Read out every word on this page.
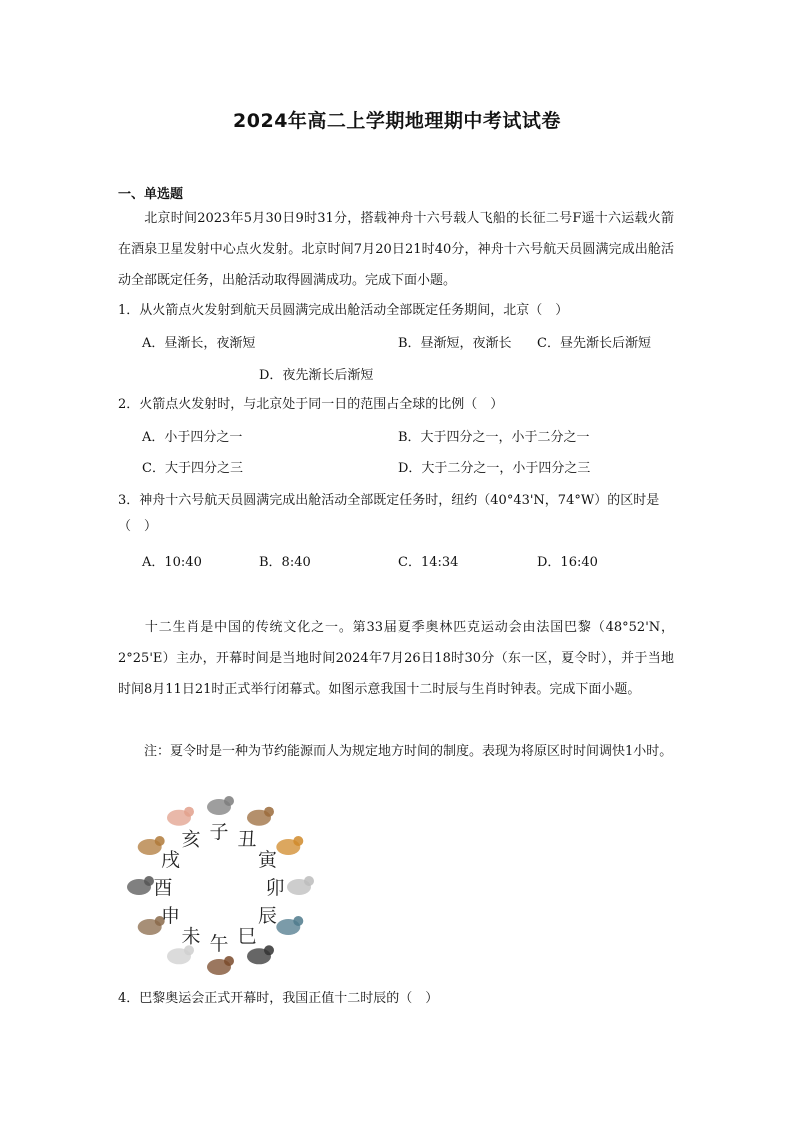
2024年高二上学期地理期中考试试卷
一、单选题
北京时间2023年5月30日9时31分，搭载神舟十六号载人飞船的长征二号F遥十六运载火箭在酒泉卫星发射中心点火发射。北京时间7月20日21时40分，神舟十六号航天员圆满完成出舱活动全部既定任务，出舱活动取得圆满成功。完成下面小题。
1．从火箭点火发射到航天员圆满完成出舱活动全部既定任务期间，北京（　）
A．昼渐长，夜渐短	B．昼渐短，夜渐长 C．昼先渐长后渐短
D．夜先渐长后渐短
2．火箭点火发射时，与北京处于同一日的范围占全球的比例（　）
A．小于四分之一	B．大于四分之一，小于二分之一
C．大于四分之三	D．大于二分之一，小于四分之三
3．神舟十六号航天员圆满完成出舱活动全部既定任务时，纽约（40°43'N，74°W）的区时是（　）
A．10:40	B．8:40	C．14:34	D．16:40
十二生肖是中国的传统文化之一。第33届夏季奥林匹克运动会由法国巴黎（48°52'N，2°25'E）主办，开幕时间是当地时间2024年7月26日18时30分（东一区，夏令时），并于当地时间8月11日21时正式举行闭幕式。如图示意我国十二时辰与生肖时钟表。完成下面小题。
注：夏令时是一种为节约能源而人为规定地方时间的制度。表现为将原区时时间调快1小时。
子 丑
寅
卯
辰
巳
午
未
申
酉
戌
亥
4．巴黎奥运会正式开幕时，我国正值十二时辰的（　）
